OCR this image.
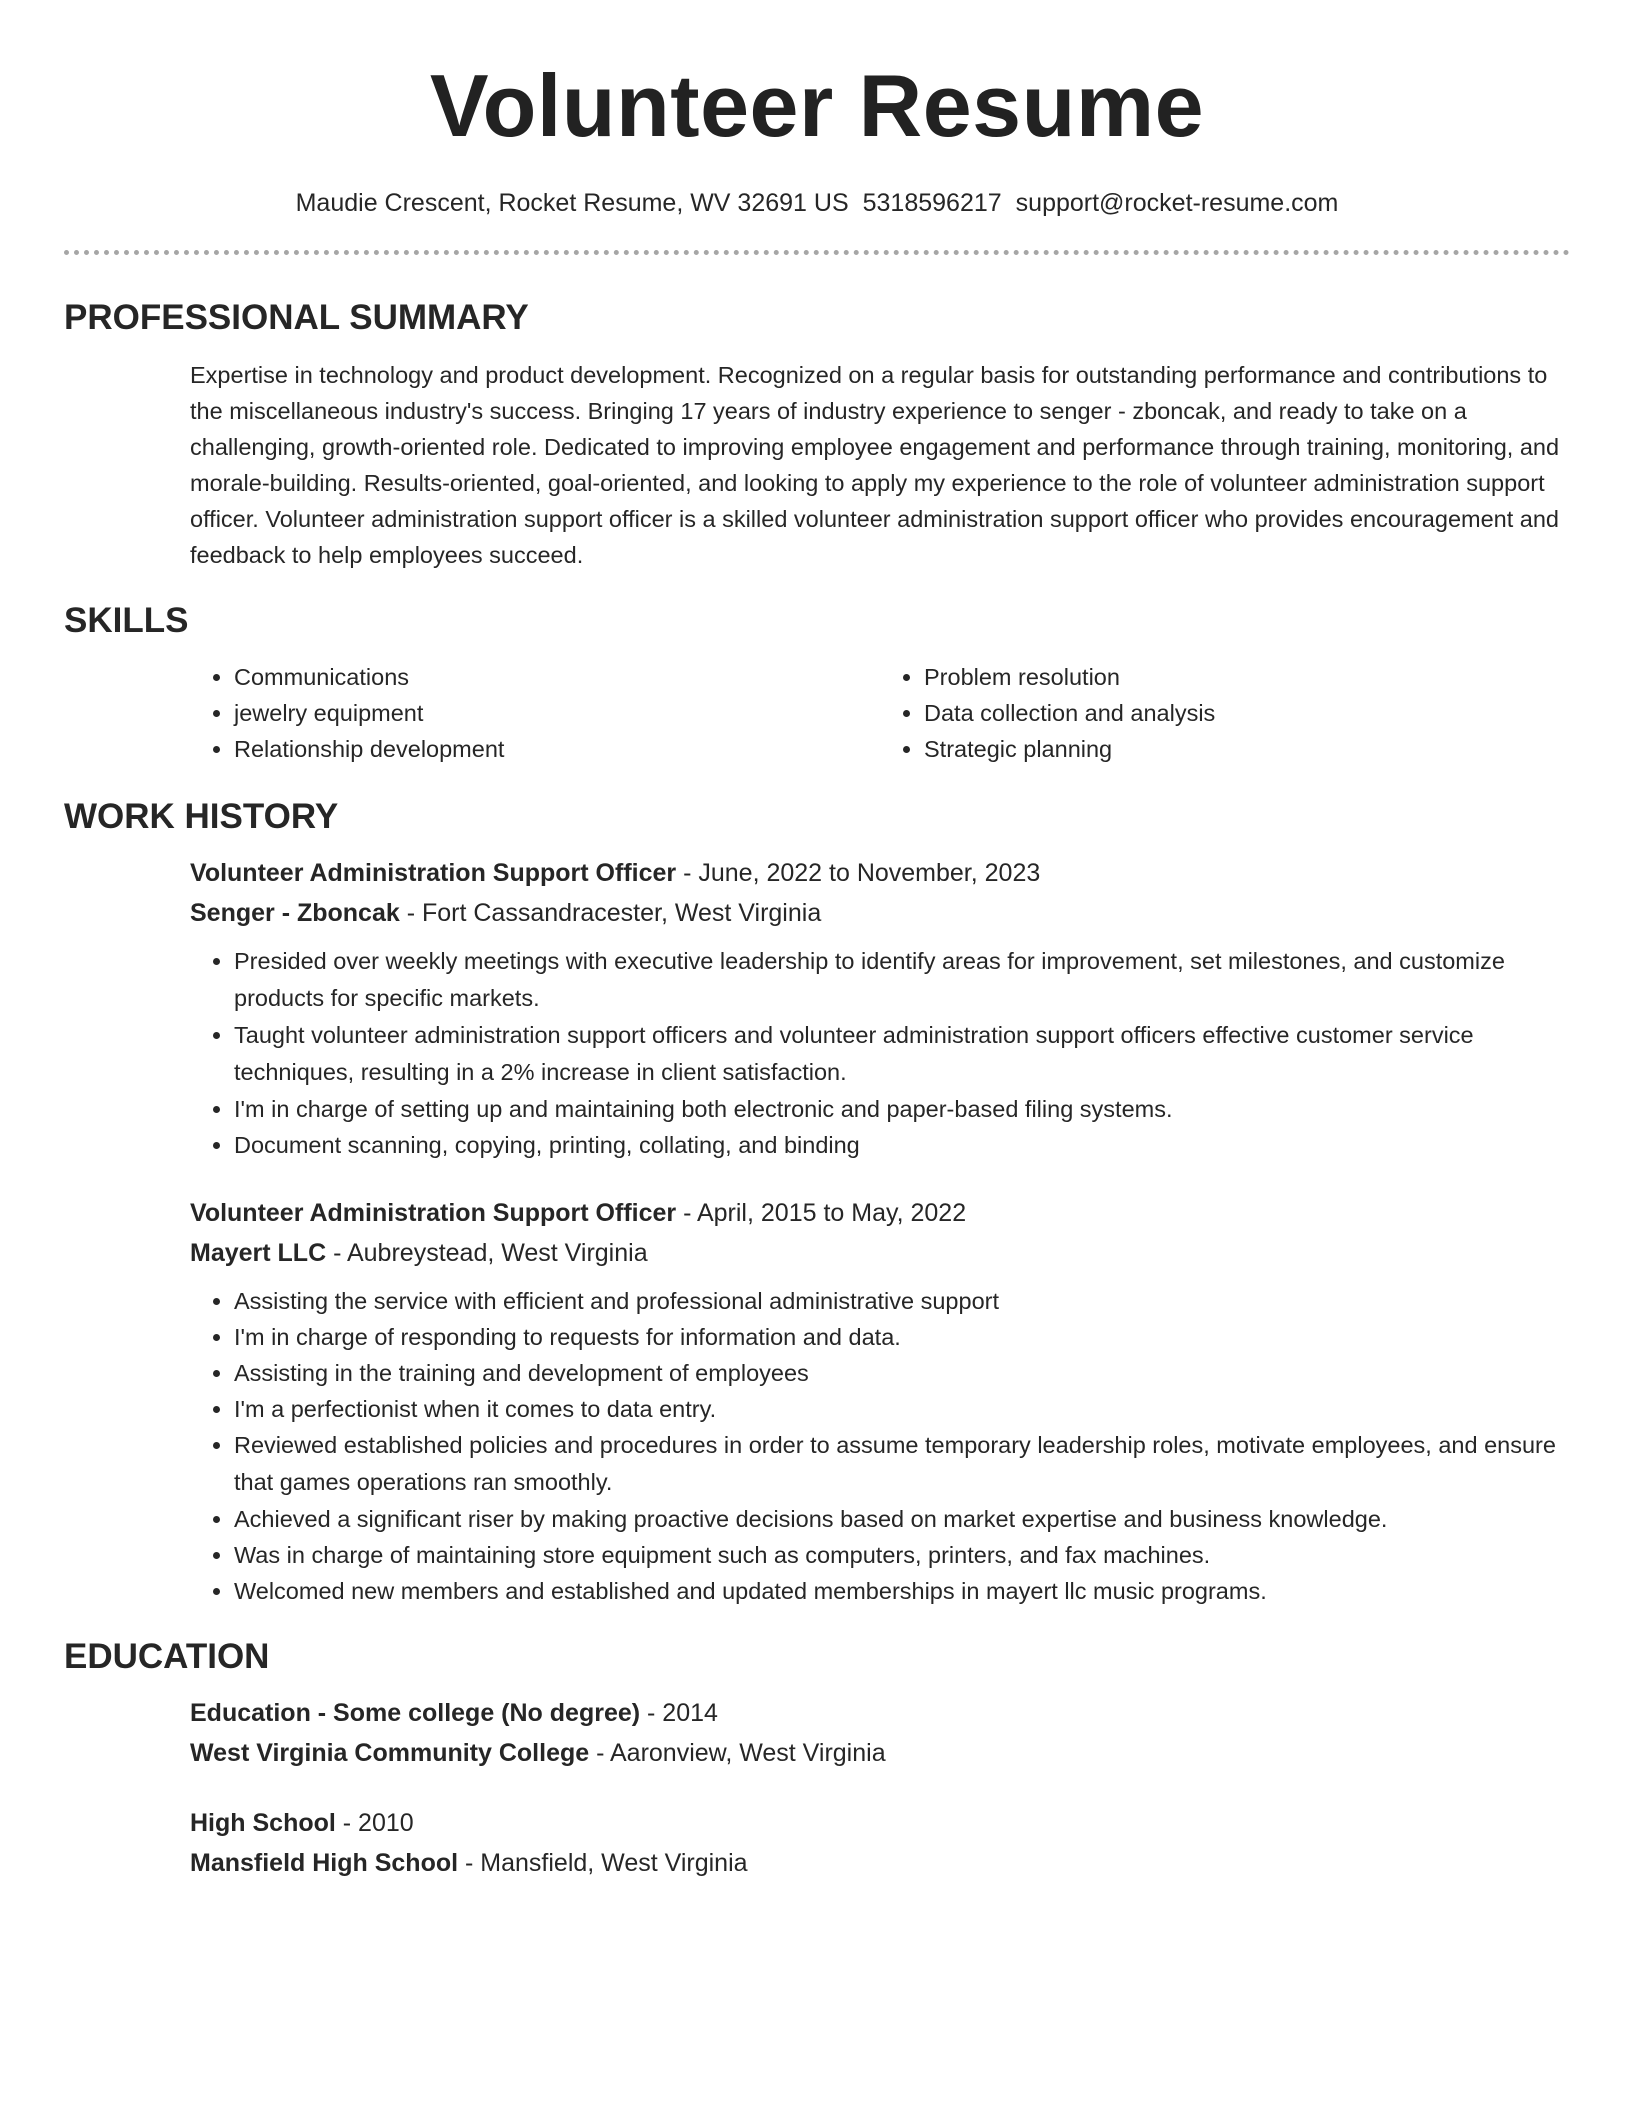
Volunteer Resume
Maudie Crescent, Rocket Resume, WV 32691 US 5318596217 support@rocket-resume.com
PROFESSIONAL SUMMARY

Expertise in technology and product development. Recognized on a regular basis for outstanding performance and contributions to the miscellaneous industry's success. Bringing 17 years of industry experience to senger - zboncak, and ready to take on a challenging, growth-oriented role. Dedicated to improving employee engagement and performance through training, monitoring, and morale-building. Results-oriented, goal-oriented, and looking to apply my experience to the role of volunteer administration support officer. Volunteer administration support officer is a skilled volunteer administration support officer who provides encouragement and feedback to help employees succeed.

SKILLS
• Communications
• jewelry equipment
• Relationship development
• Problem resolution
• Data collection and analysis
• Strategic planning
WORK HISTORY
Volunteer Administration Support Officer - June, 2022 to November, 2023
Senger - Zboncak - Fort Cassandracester, West Virginia
• Presided over weekly meetings with executive leadership to identify areas for improvement, set milestones, and customize products for specific markets.
• Taught volunteer administration support officers and volunteer administration support officers effective customer service techniques, resulting in a 2% increase in client satisfaction.
• I'm in charge of setting up and maintaining both electronic and paper-based filing systems.
• Document scanning, copying, printing, collating, and binding
Volunteer Administration Support Officer - April, 2015 to May, 2022
Mayert LLC - Aubreystead, West Virginia
• Assisting the service with efficient and professional administrative support
• I'm in charge of responding to requests for information and data.
• Assisting in the training and development of employees
• I'm a perfectionist when it comes to data entry.
• Reviewed established policies and procedures in order to assume temporary leadership roles, motivate employees, and ensure that games operations ran smoothly.
• Achieved a significant riser by making proactive decisions based on market expertise and business knowledge.
• Was in charge of maintaining store equipment such as computers, printers, and fax machines.
• Welcomed new members and established and updated memberships in mayert llc music programs.
EDUCATION
Education - Some college (No degree) - 2014
West Virginia Community College - Aaronview, West Virginia
High School - 2010
Mansfield High School - Mansfield, West Virginia
